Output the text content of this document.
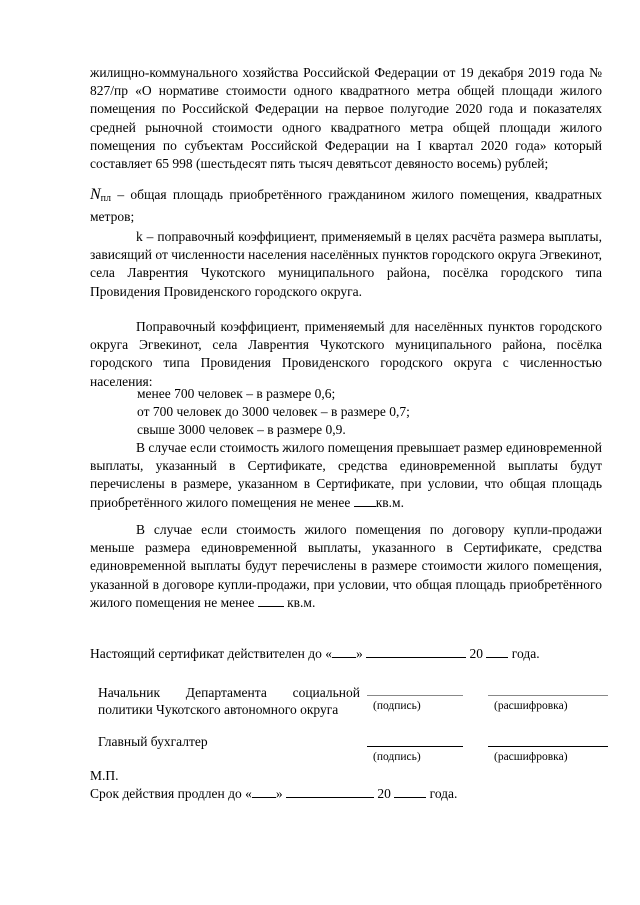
жилищно-коммунального хозяйства Российской Федерации от 19 декабря 2019 года № 827/пр «О нормативе стоимости одного квадратного метра общей площади жилого помещения по Российской Федерации на первое полугодие 2020 года и показателях средней рыночной стоимости одного квадратного метра общей площади жилого помещения по субъектам Российской Федерации на I квартал 2020 года» который составляет 65 998 (шестьдесят пять тысяч девятьсот девяносто восемь) рублей;

$N_{пл}$ – общая площадь приобретённого гражданином жилого помещения, квадратных метров;

k – поправочный коэффициент, применяемый в целях расчёта размера выплаты, зависящий от численности населения населённых пунктов городского округа Эгвекинот, села Лаврентия Чукотского муниципального района, посёлка городского типа Провидения Провиденского городского округа.

Поправочный коэффициент, применяемый для населённых пунктов городского округа Эгвекинот, села Лаврентия Чукотского муниципального района, посёлка городского типа Провидения Провиденского городского округа с численностью населения:

менее 700 человек – в размере 0,6;

от 700 человек до 3000 человек – в размере 0,7;

свыше 3000 человек – в размере 0,9.

В случае если стоимость жилого помещения превышает размер единовременной выплаты, указанный в Сертификате, средства единовременной выплаты будут перечислены в размере, указанном в Сертификате, при условии, что общая площадь приобретённого жилого помещения не менее кв.м.

В случае если стоимость жилого помещения по договору купли-продажи меньше размера единовременной выплаты, указанного в Сертификате, средства единовременной выплаты будут перечислены в размере стоимости жилого помещения, указанной в договоре купли-продажи, при условии, что общая площадь приобретённого жилого помещения не менее кв.м.

Настоящий сертификат действителен до « »	20 года.

Начальник Департамента социальной политики Чукотского автономного округа	(подпись)	(расшифровка)

Главный бухгалтер

(подпись)	(расшифровка)

М.П.

Срок действия продлен до « »	20	года.
